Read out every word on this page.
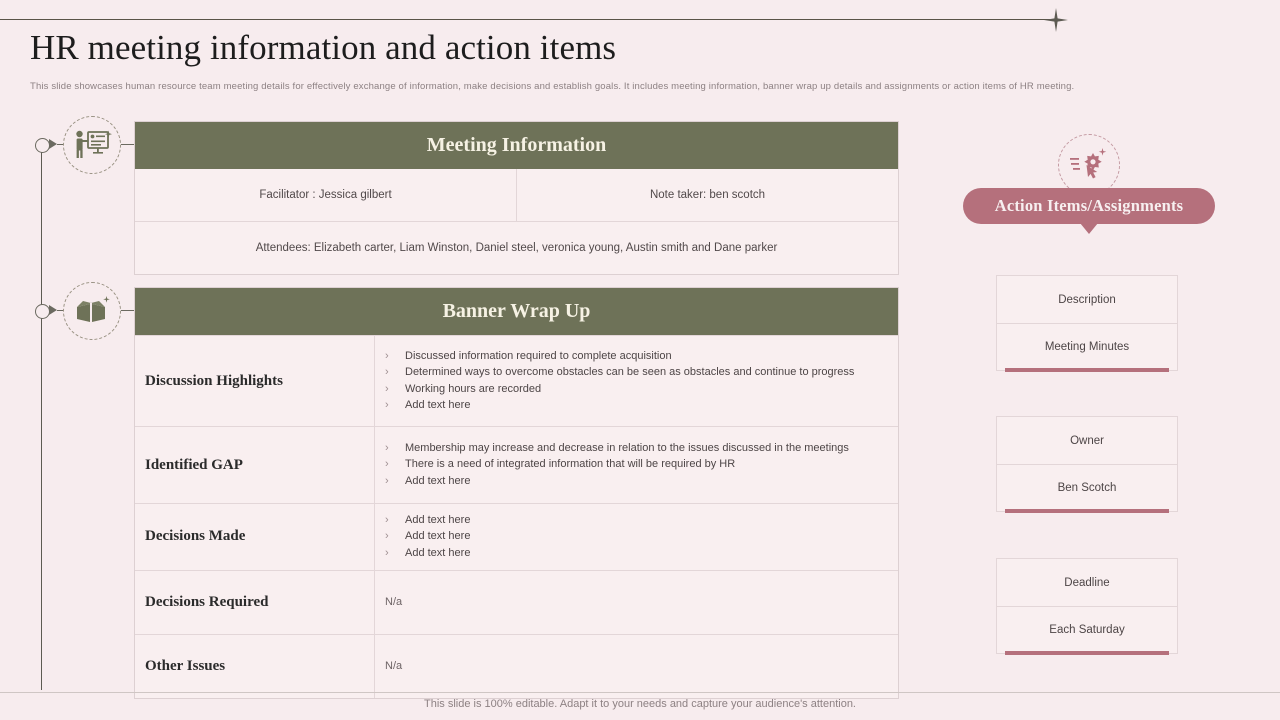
HR meeting information and action items
This slide showcases human resource team meeting details for effectively exchange of information, make decisions and establish goals. It includes meeting information, banner wrap up details and assignments or action items of HR meeting.
Meeting Information
Facilitator : Jessica gilbert	Note taker: ben scotch
Attendees: Elizabeth carter, Liam Winston, Daniel steel, veronica young, Austin smith and Dane parker
Banner Wrap Up
Discussion Highlights
›	Discussed information required to complete acquisition
›	Determined ways to overcome obstacles can be seen as obstacles and continue to progress
›	Working hours are recorded
›	Add text here
Identified GAP
›	Membership may increase and decrease in relation to the issues discussed in the meetings
›	There is a need of integrated information that will be required by HR
›	Add text here
Decisions Made
›	Add text here
›	Add text here
›	Add text here
Decisions Required	N/a
Other Issues	N/a
Action Items/Assignments
Description
Meeting Minutes
Owner
Ben Scotch
Deadline
Each Saturday
This slide is 100% editable. Adapt it to your needs and capture your audience's attention.
